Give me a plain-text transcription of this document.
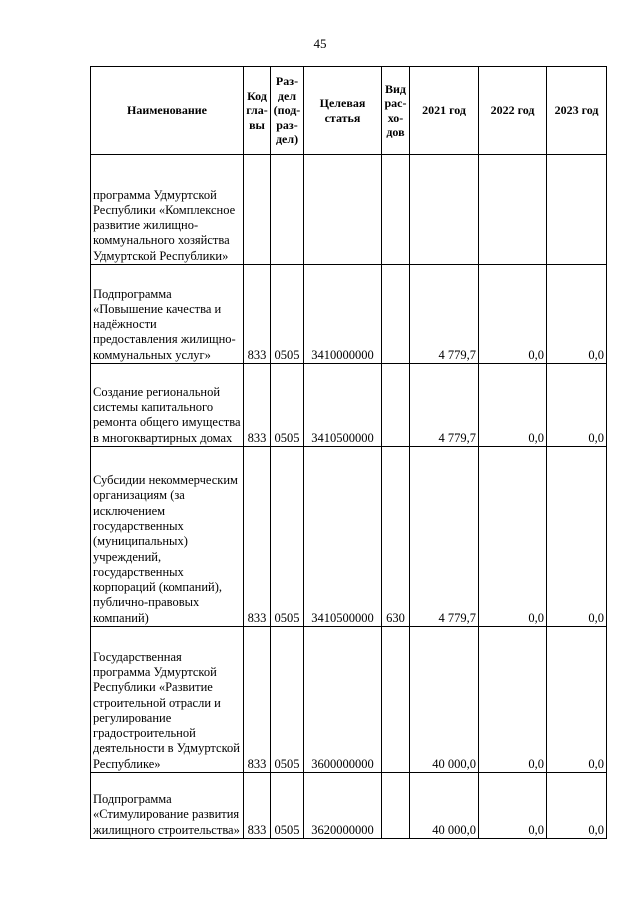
45
Наименование	Код гла- вы	Раз- дел (под- раз- дел)	Целевая статья	Вид рас- хо- дов	2021 год	2022 год	2023 год
программа Удмуртской Республики «Комплексное развитие жилищно-коммунального хозяйства Удмуртской Республики»							
Подпрограмма «Повышение качества и надёжности предоставления жилищно-коммунальных услуг»	833	0505	3410000000		4 779,7	0,0	0,0
Создание региональной системы капитального ремонта общего имущества в многоквартирных домах	833	0505	3410500000		4 779,7	0,0	0,0
Субсидии некоммерческим организациям (за исключением государственных (муниципальных) учреждений, государственных корпораций (компаний), публично-правовых компаний)	833	0505	3410500000	630	4 779,7	0,0	0,0
Государственная программа Удмуртской Республики «Развитие строительной отрасли и регулирование градостроительной деятельности в Удмуртской Республике»	833	0505	3600000000		40 000,0	0,0	0,0
Подпрограмма «Стимулирование развития жилищного строительства»	833	0505	3620000000		40 000,0	0,0	0,0
